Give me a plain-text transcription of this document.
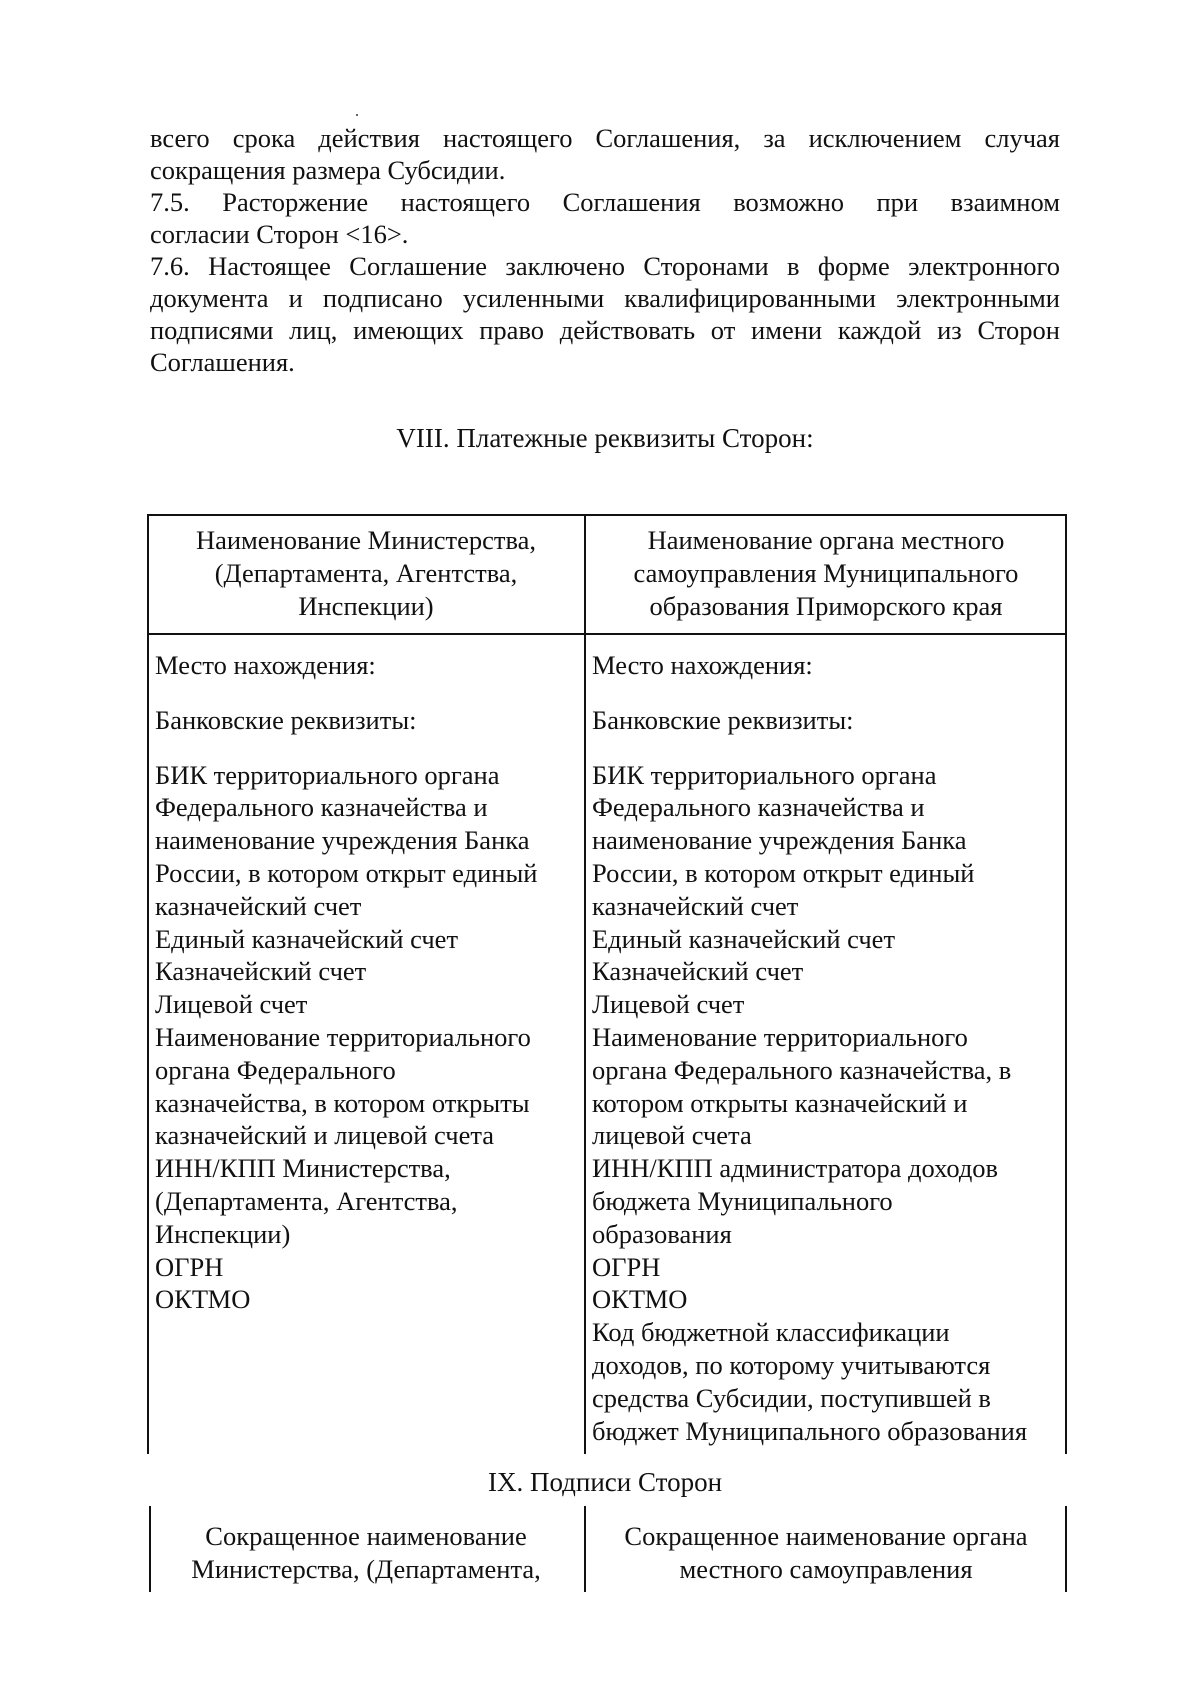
всего срока действия настоящего Соглашения, за исключением случая
сокращения размера Субсидии.
7.5. Расторжение настоящего Соглашения возможно при взаимном
согласии Сторон <16>.
7.6. Настоящее Соглашение заключено Сторонами в форме электронного
документа и подписано усиленными квалифицированными электронными
подписями лиц, имеющих право действовать от имени каждой из Сторон
Соглашения.
VIII. Платежные реквизиты Сторон:
Наименование Министерства,
(Департамента, Агентства,
Инспекции)
Наименование органа местного
самоуправления Муниципального
образования Приморского края
Место нахождения:
Банковские реквизиты:
БИК территориального органа
Федерального казначейства и
наименование учреждения Банка
России, в котором открыт единый
казначейский счет
Единый казначейский счет
Казначейский счет
Лицевой счет
Наименование территориального
органа Федерального
казначейства, в котором открыты
казначейский и лицевой счета
ИНН/КПП Министерства,
(Департамента, Агентства,
Инспекции)
ОГРН
ОКТМО
Место нахождения:
Банковские реквизиты:
БИК территориального органа
Федерального казначейства и
наименование учреждения Банка
России, в котором открыт единый
казначейский счет
Единый казначейский счет
Казначейский счет
Лицевой счет
Наименование территориального
органа Федерального казначейства, в
котором открыты казначейский и
лицевой счета
ИНН/КПП администратора доходов
бюджета Муниципального
образования
ОГРН
ОКТМО
Код бюджетной классификации
доходов, по которому учитываются
средства Субсидии, поступившей в
бюджет Муниципального образования
IX. Подписи Сторон
Сокращенное наименование
Министерства, (Департамента,
Сокращенное наименование органа
местного самоуправления
